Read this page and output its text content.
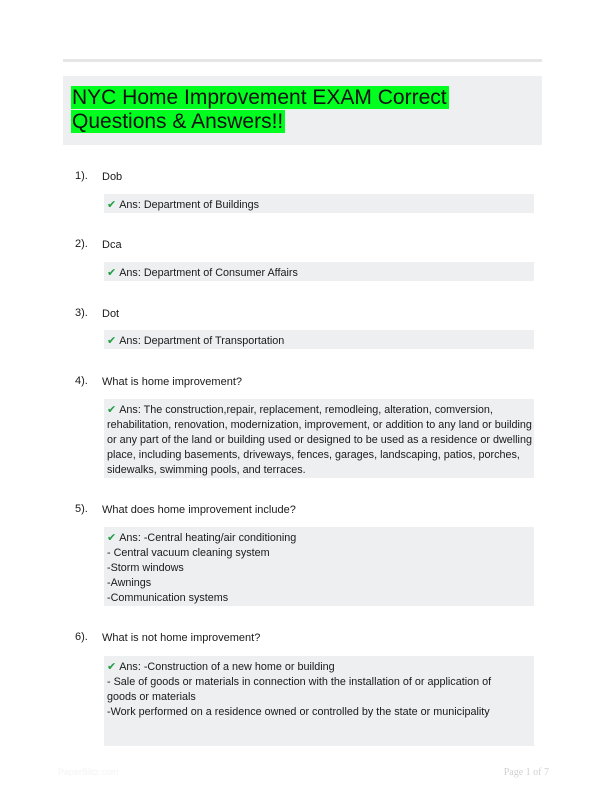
NYC Home Improvement EXAM Correct
Questions & Answers!!
1). Dob
✔ Ans: Department of Buildings
2). Dca
✔ Ans: Department of Consumer Affairs
3). Dot
✔ Ans: Department of Transportation
4). What is home improvement?
✔ Ans: The construction,repair, replacement, remodleing, alteration, comversion,
rehabilitation, renovation, modernization, improvement, or addition to any land or building
or any part of the land or building used or designed to be used as a residence or dwelling
place, including basements, driveways, fences, garages, landscaping, patios, porches,
sidewalks, swimming pools, and terraces.
5). What does home improvement include?
✔ Ans: -Central heating/air conditioning
- Central vacuum cleaning system
-Storm windows
-Awnings
-Communication systems
6). What is not home improvement?
✔ Ans: -Construction of a new home or building
- Sale of goods or materials in connection with the installation of or application of
goods or materials
-Work performed on a residence owned or controlled by the state or municipality
PaperBlitz.com	Page 1 of 7
